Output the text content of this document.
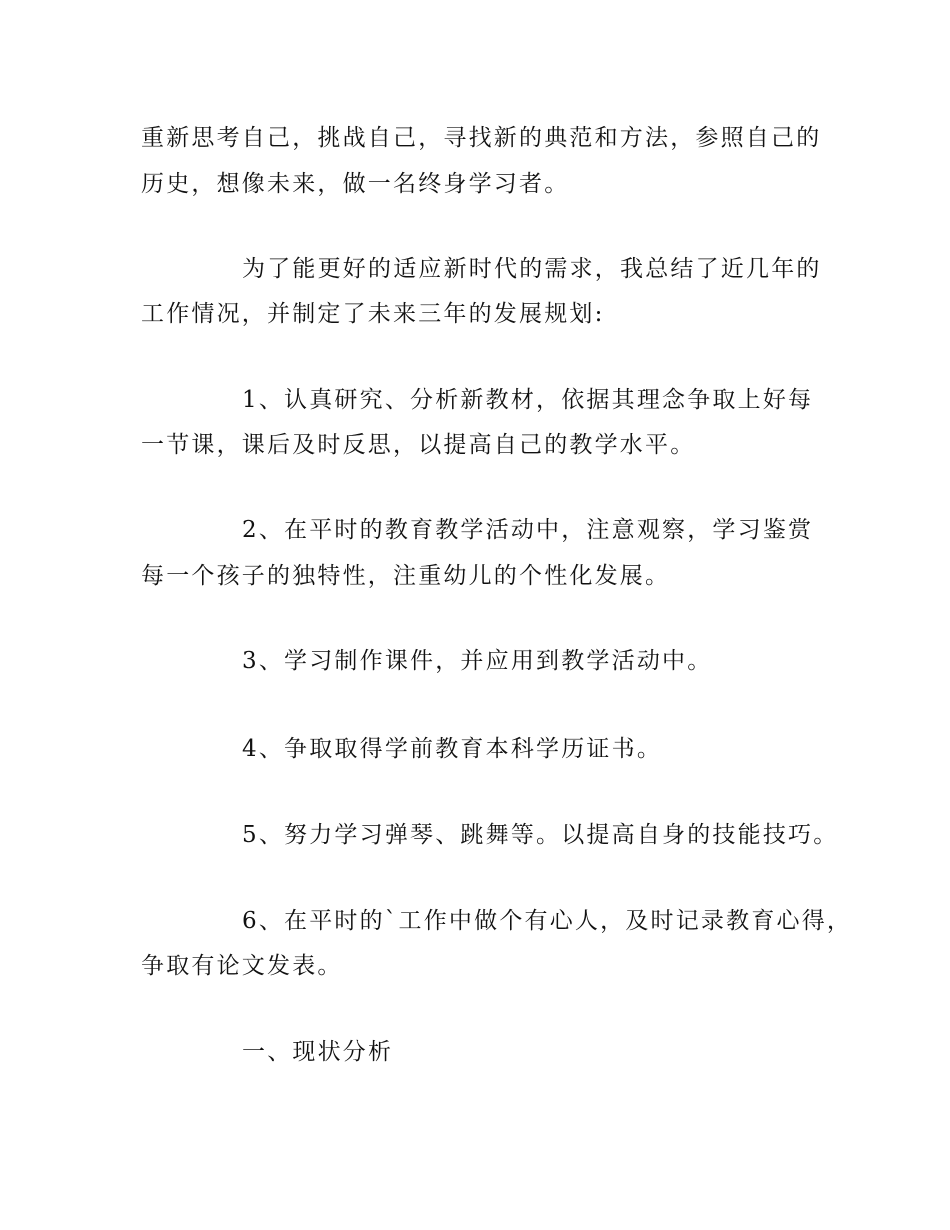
重新思考自己，挑战自己，寻找新的典范和方法，参照自己的
历史，想像未来，做一名终身学习者。
为了能更好的适应新时代的需求，我总结了近几年的
工作情况，并制定了未来三年的发展规划:
1、认真研究、分析新教材，依据其理念争取上好每
一节课，课后及时反思，以提高自己的教学水平。
2、在平时的教育教学活动中，注意观察，学习鉴赏
每一个孩子的独特性，注重幼儿的个性化发展。
3、学习制作课件，并应用到教学活动中。
4、争取取得学前教育本科学历证书。
5、努力学习弹琴、跳舞等。以提高自身的技能技巧。
6、在平时的`工作中做个有心人，及时记录教育心得，
争取有论文发表。
一、现状分析
